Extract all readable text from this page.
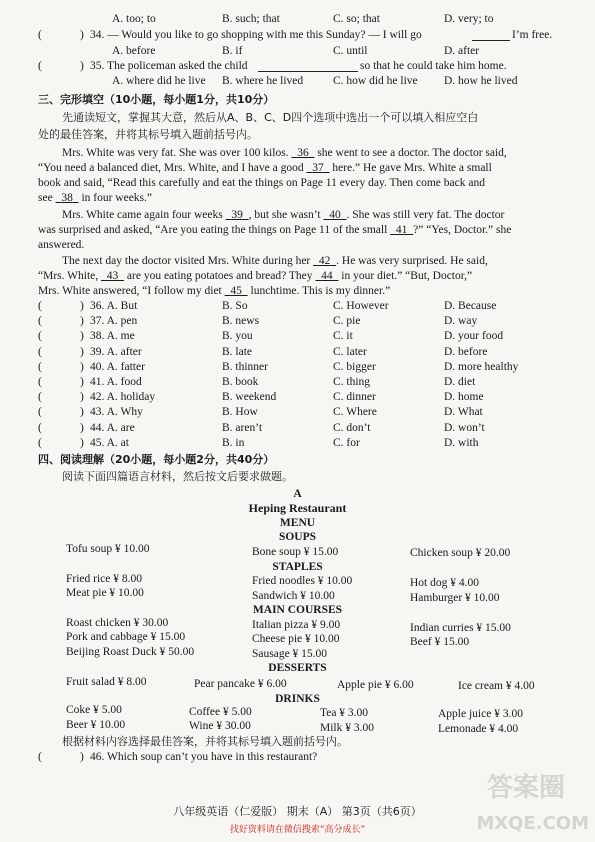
A. too; to	B. such; that	C. so; that	D. very; to
(	) 34. — Would you like to go shopping with me this Sunday? — I will go	I’m free.
A. before	B. if	C. until	D. after
(	) 35. The policeman asked the child	so that he could take him home.
A. where did he live B. where he lived	C. how did he live D. how he lived
三、完形填空（10小题，每小题1分，共10分）
先通读短文，掌握其大意，然后从A、B、C、D四个选项中选出一个可以填入相应空白
处的最佳答案，并将其标号填入题前括号内。
Mrs. White was very fat. She was over 100 kilos. 36 she went to see a doctor. The doctor said,
“You need a balanced diet, Mrs. White, and I have a good 37 here.” He gave Mrs. White a small
book and said, “Read this carefully and eat the things on Page 11 every day. Then come back and
see 38 in four weeks.”
Mrs. White came again four weeks 39 , but she wasn’t 40 . She was still very fat. The doctor
was surprised and asked, “Are you eating the things on Page 11 of the small 41 ?” “Yes, Doctor.” she
answered.
The next day the doctor visited Mrs. White during her 42 . He was very surprised. He said,
“Mrs. White, 43 are you eating potatoes and bread? They 44 in your diet.” “But, Doctor,”
Mrs. White answered, “I follow my diet 45 lunchtime. This is my dinner.”
(	) 36. A. But	B. So	C. However	D. Because
(	) 37. A. pen	B. news	C. pie	D. way
(	) 38. A. me	B. you	C. it	D. your food
(	) 39. A. after	B. late	C. later	D. before
(	) 40. A. fatter	B. thinner	C. bigger	D. more healthy
(	) 41. A. food	B. book	C. thing	D. diet
(	) 42. A. holiday	B. weekend	C. dinner	D. home
(	) 43. A. Why	B. How	C. Where	D. What
(	) 44. A. are	B. aren’t	C. don’t	D. won’t
(	) 45. A. at	B. in	C. for	D. with
四、阅读理解（20小题，每小题2分，共40分）
阅读下面四篇语言材料，然后按文后要求做题。
A
Heping Restaurant
MENU
SOUPS
Tofu soup ¥ 10.00	Bone soup ¥ 15.00	Chicken soup ¥ 20.00
STAPLES
Fried rice ¥ 8.00	Fried noodles ¥ 10.00	Hot dog ¥ 4.00
Meat pie ¥ 10.00	Sandwich ¥ 10.00	Hamburger ¥ 10.00
MAIN COURSES
Roast chicken ¥ 30.00	Italian pizza ¥ 9.00	Indian curries ¥ 15.00
Pork and cabbage ¥ 15.00	Cheese pie ¥ 10.00	Beef ¥ 15.00
Beijing Roast Duck ¥ 50.00	Sausage ¥ 15.00
DESSERTS
Fruit salad ¥ 8.00	Pear pancake ¥ 6.00	Apple pie ¥ 6.00	Ice cream ¥ 4.00
DRINKS
Coke ¥ 5.00	Coffee ¥ 5.00	Tea ¥ 3.00	Apple juice ¥ 3.00
Beer ¥ 10.00	Wine ¥ 30.00	Milk ¥ 3.00	Lemonade ¥ 4.00
根据材料内容选择最佳答案，并将其标号填入题前括号内。
(	) 46. Which soup can’t you have in this restaurant?
八年级英语（仁爱版） 期末（A） 第3页（共6页）
找好资料请在微信搜索“高分成长”
答案圈
MXQE.COM
